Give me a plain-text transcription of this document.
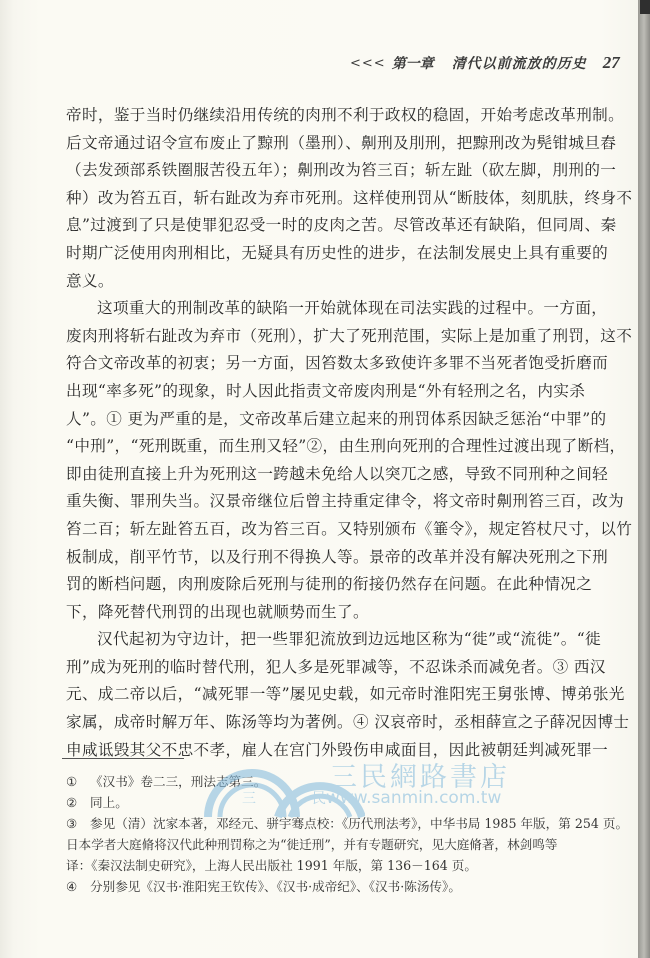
<<< 第一章 清代以前流放的历史 27
帝时，鉴于当时仍继续沿用传统的肉刑不利于政权的稳固，开始考虑改革刑制。
后文帝通过诏令宣布废止了黥刑（墨刑）、劓刑及刖刑，把黥刑改为髡钳城旦舂
（去发颈部系铁圈服苦役五年）；劓刑改为笞三百；斩左趾（砍左脚，刖刑的一
种）改为笞五百，斩右趾改为弃市死刑。这样使刑罚从“断肢体，刻肌肤，终身不
息”过渡到了只是使罪犯忍受一时的皮肉之苦。尽管改革还有缺陷，但同周、秦
时期广泛使用肉刑相比，无疑具有历史性的进步，在法制发展史上具有重要的
意义。
这项重大的刑制改革的缺陷一开始就体现在司法实践的过程中。一方面，
废肉刑将斩右趾改为弃市（死刑），扩大了死刑范围，实际上是加重了刑罚，这不
符合文帝改革的初衷；另一方面，因笞数太多致使许多罪不当死者饱受折磨而
出现“率多死”的现象，时人因此指责文帝废肉刑是“外有轻刑之名，内实杀
人”。① 更为严重的是，文帝改革后建立起来的刑罚体系因缺乏惩治“中罪”的
“中刑”，“死刑既重，而生刑又轻”②，由生刑向死刑的合理性过渡出现了断档，
即由徒刑直接上升为死刑这一跨越未免给人以突兀之感，导致不同刑种之间轻
重失衡、罪刑失当。汉景帝继位后曾主持重定律令，将文帝时劓刑笞三百，改为
笞二百；斩左趾笞五百，改为笞三百。又特别颁布《箠令》，规定笞杖尺寸，以竹
板制成，削平竹节，以及行刑不得换人等。景帝的改革并没有解决死刑之下刑
罚的断档问题，肉刑废除后死刑与徒刑的衔接仍然存在问题。在此种情况之
下，降死替代刑罚的出现也就顺势而生了。
汉代起初为守边计，把一些罪犯流放到边远地区称为“徙”或“流徙”。“徙
刑”成为死刑的临时替代刑，犯人多是死罪减等，不忍诛杀而减免者。③ 西汉
元、成二帝以后，“减死罪一等”屡见史载，如元帝时淮阳宪王舅张博、博弟张光
家属，成帝时解万年、陈汤等均为著例。④ 汉哀帝时，丞相薛宣之子薛况因博士
申咸诋毁其父不忠不孝，雇人在宫门外毁伤申咸面目，因此被朝廷判减死罪一
①	《汉书》卷二三，刑法志第三。
②	同上。
③	参见（清）沈家本著，邓经元、骈宇骞点校：《历代刑法考》，中华书局 1985 年版，第 254 页。
日本学者大庭脩将汉代此种刑罚称之为“徙迁刑”，并有专题研究，见大庭脩著，林剑鸣等
译：《秦汉法制史研究》，上海人民出版社 1991 年版，第 136－164 页。
④	分别参见《汉书·淮阳宪王钦传》、《汉书·成帝纪》、《汉书·陈汤传》。
三	民
三民網路書店
www.sanmin.com.tw
